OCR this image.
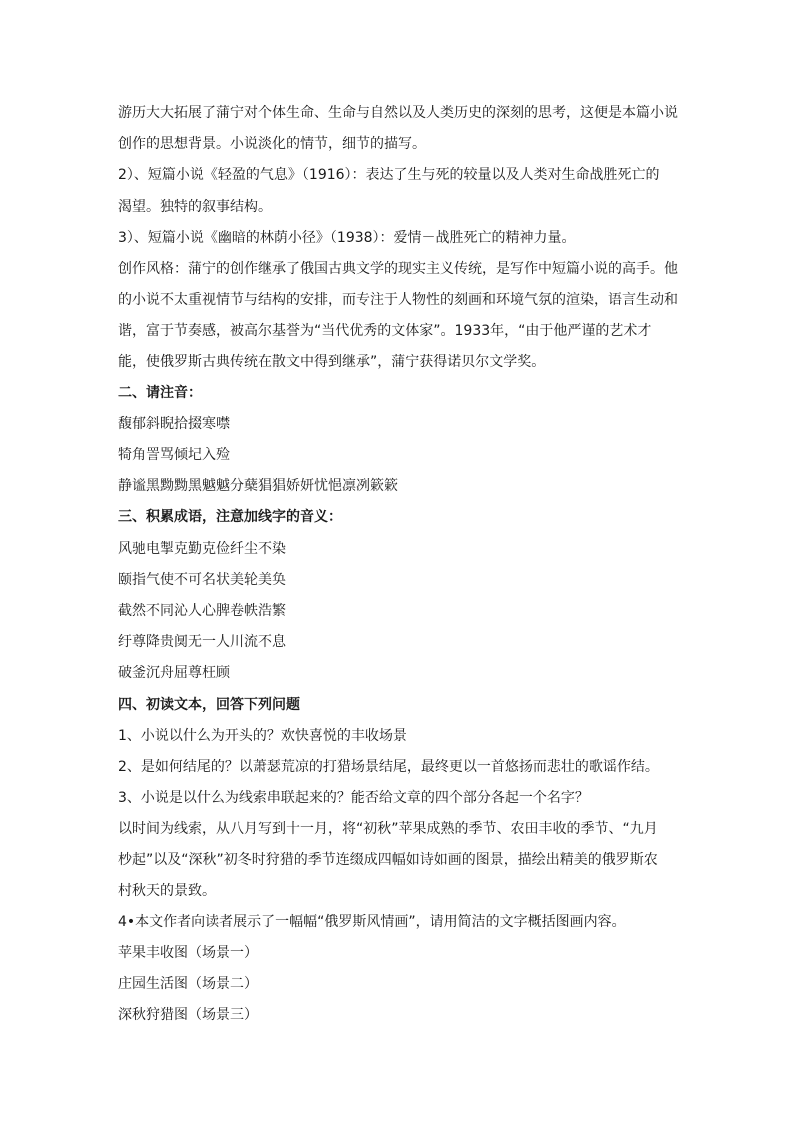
游历大大拓展了蒲宁对个体生命、生命与自然以及人类历史的深刻的思考，这便是本篇小说
创作的思想背景。小说淡化的情节，细节的描写。
2）、短篇小说《轻盈的气息》（1916）：表达了生与死的较量以及人类对生命战胜死亡的
渴望。独特的叙事结构。
3）、短篇小说《幽暗的林荫小径》（1938）：爱情－战胜死亡的精神力量。
创作风格：蒲宁的创作继承了俄国古典文学的现实主义传统，是写作中短篇小说的高手。他
的小说不太重视情节与结构的安排，而专注于人物性的刻画和环境气氛的渲染，语言生动和
谐，富于节奏感，被高尔基誉为“当代优秀的文体家”。1933年，“由于他严谨的艺术才
能，使俄罗斯古典传统在散文中得到继承”，蒲宁获得诺贝尔文学奖。
二、请注音：
馥郁斜睨拾掇寒噤
犄角詈骂倾圮入殓
静谧黑黝黝黑魆魆分蘖猖猖娇妍忧悒凛冽簌簌
三、积累成语，注意加线字的音义：
风驰电掣克勤克俭纤尘不染
颐指气使不可名状美轮美奂
截然不同沁人心脾卷帙浩繁
纡尊降贵阒无一人川流不息
破釜沉舟屈尊枉顾
四、初读文本，回答下列问题
1、小说以什么为开头的？欢快喜悦的丰收场景
2、是如何结尾的？以萧瑟荒凉的打猎场景结尾，最终更以一首悠扬而悲壮的歌谣作结。
3、小说是以什么为线索串联起来的？能否给文章的四个部分各起一个名字？
以时间为线索，从八月写到十一月，将“初秋”苹果成熟的季节、农田丰收的季节、“九月
杪起”以及“深秋”初冬时狩猎的季节连缀成四幅如诗如画的图景，描绘出精美的俄罗斯农
村秋天的景致。
4•本文作者向读者展示了一幅幅“俄罗斯风情画”，请用简洁的文字概括图画内容。
苹果丰收图（场景一）
庄园生活图（场景二）
深秋狩猎图（场景三）
